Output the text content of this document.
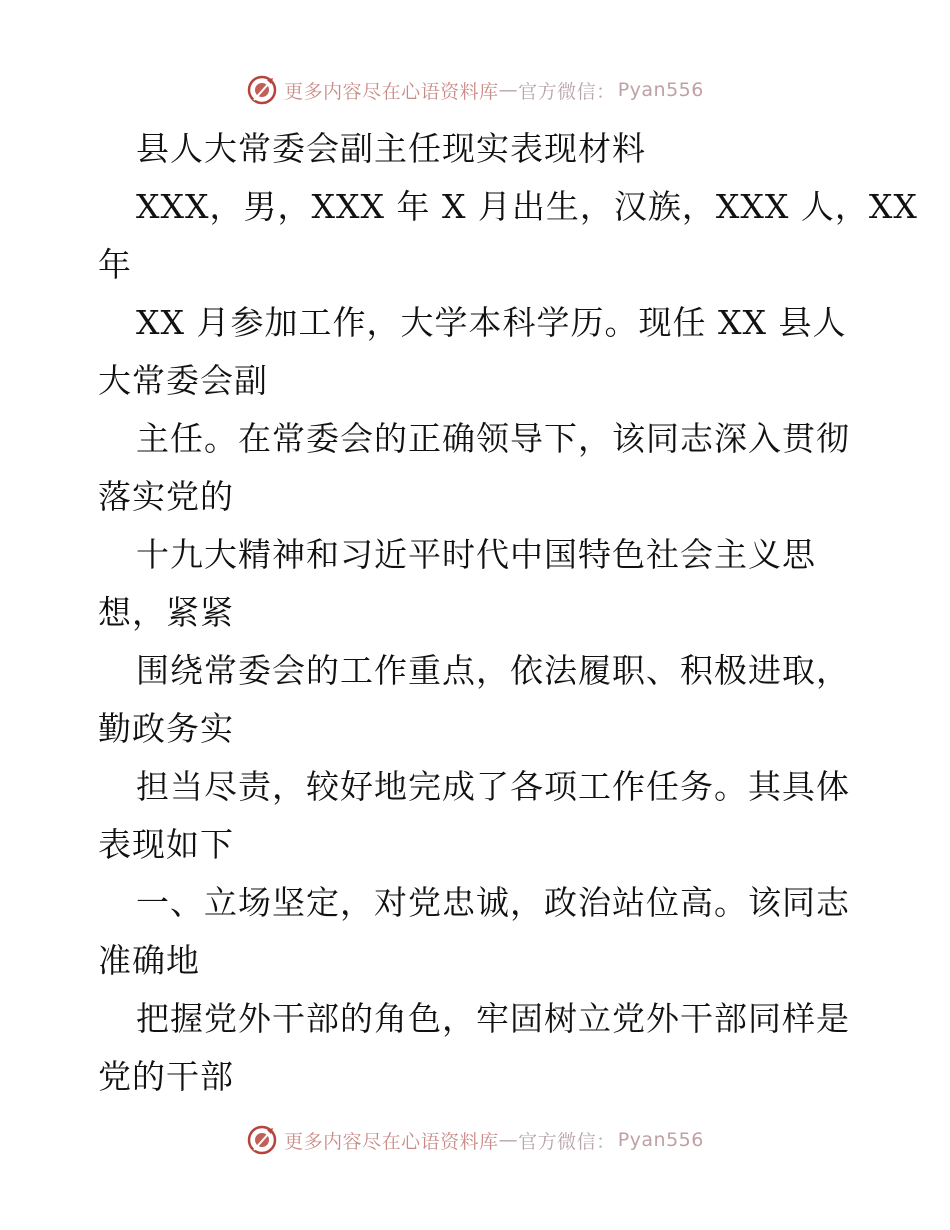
更多内容尽在心语资料库 — 官方微信： Pyan556

县人大常委会副主任现实表现材料

XXX，男，XXX 年 X 月出生，汉族，XXX 人，XX

年

XX 月参加工作，大学本科学历。现任 XX 县人

大常委会副

主任。在常委会的正确领导下，该同志深入贯彻

落实党的

十九大精神和习近平时代中国特色社会主义思

想，紧紧

围绕常委会的工作重点，依法履职、积极进取，

勤政务实

担当尽责，较好地完成了各项工作任务。其具体

表现如下

一、立场坚定，对党忠诚，政治站位高。该同志

准确地

把握党外干部的角色，牢固树立党外干部同样是

党的干部

更多内容尽在心语资料库 — 官方微信： Pyan556
